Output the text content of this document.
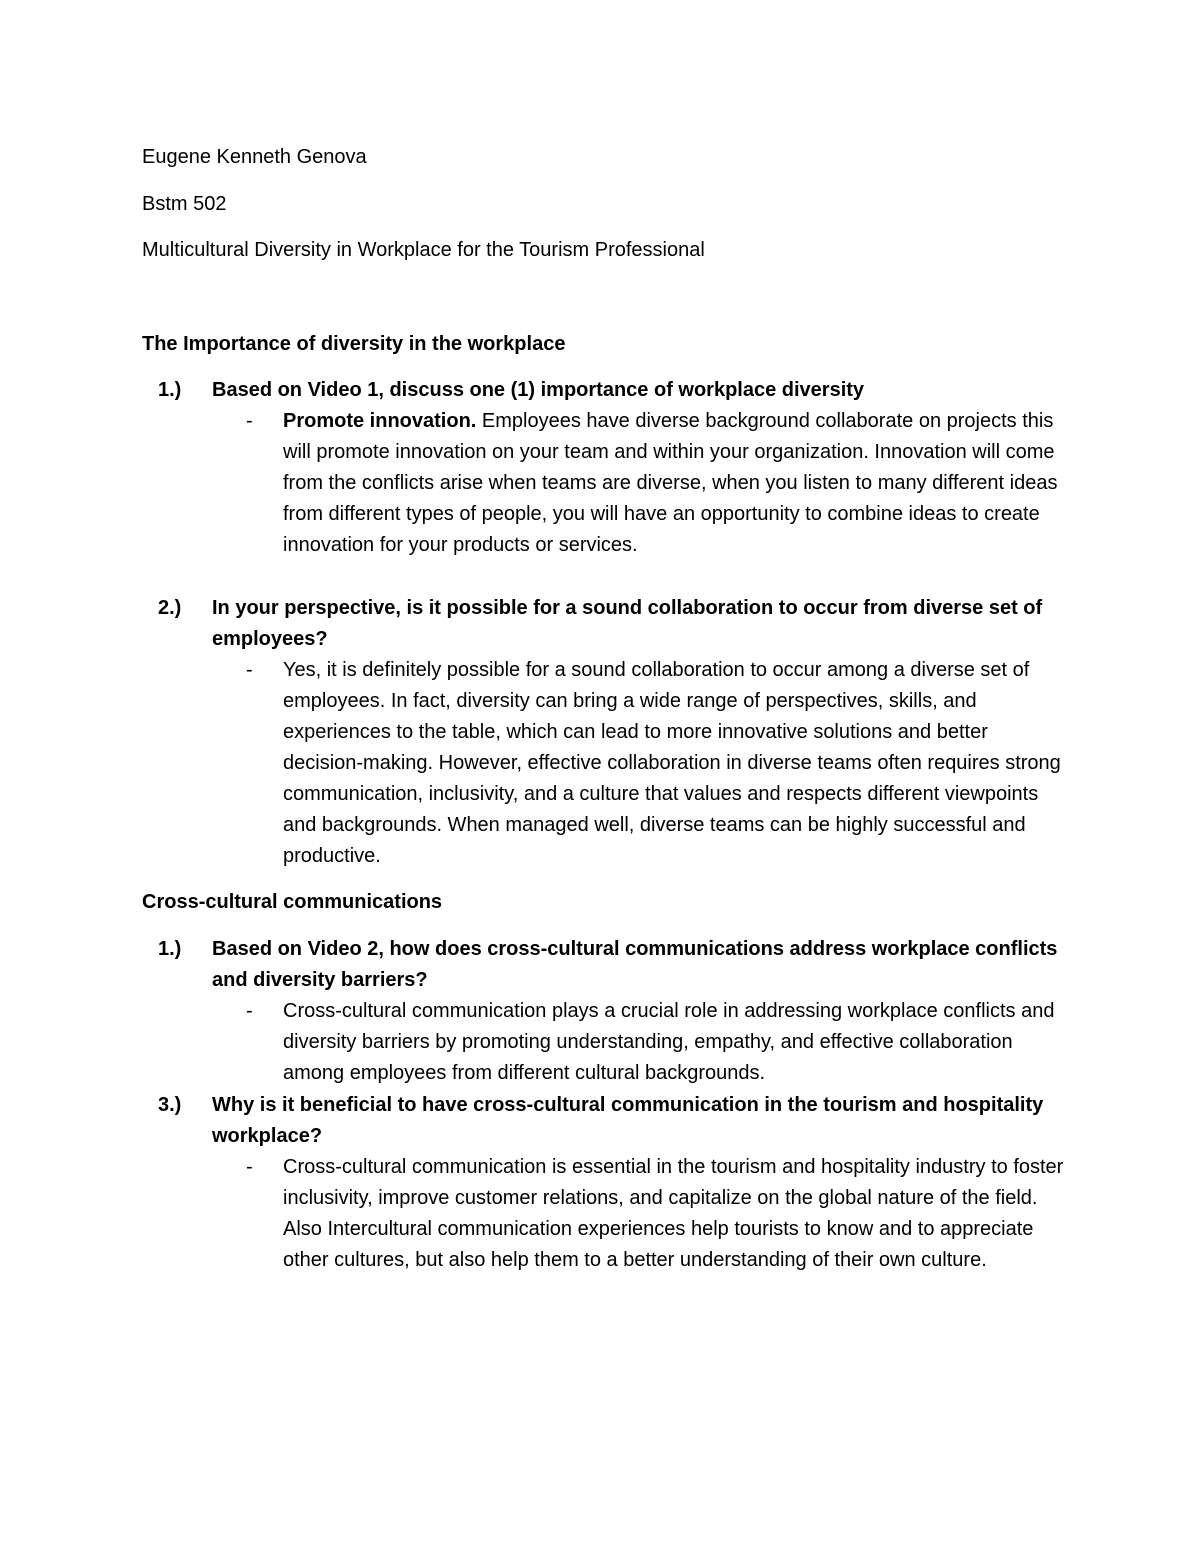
Eugene Kenneth Genova
Bstm 502
Multicultural Diversity in Workplace for the Tourism Professional
The Importance of diversity in the workplace
1.) Based on Video 1, discuss one (1) importance of workplace diversity
- Promote innovation. Employees have diverse background collaborate on projects this will promote innovation on your team and within your organization. Innovation will come from the conflicts arise when teams are diverse, when you listen to many different ideas from different types of people, you will have an opportunity to combine ideas to create innovation for your products or services.
2.) In your perspective, is it possible for a sound collaboration to occur from diverse set of employees?
- Yes, it is definitely possible for a sound collaboration to occur among a diverse set of employees. In fact, diversity can bring a wide range of perspectives, skills, and experiences to the table, which can lead to more innovative solutions and better decision-making. However, effective collaboration in diverse teams often requires strong communication, inclusivity, and a culture that values and respects different viewpoints and backgrounds. When managed well, diverse teams can be highly successful and productive.
Cross-cultural communications
1.) Based on Video 2, how does cross-cultural communications address workplace conflicts and diversity barriers?
- Cross-cultural communication plays a crucial role in addressing workplace conflicts and diversity barriers by promoting understanding, empathy, and effective collaboration among employees from different cultural backgrounds.
3.) Why is it beneficial to have cross-cultural communication in the tourism and hospitality workplace?
- Cross-cultural communication is essential in the tourism and hospitality industry to foster inclusivity, improve customer relations, and capitalize on the global nature of the field. Also Intercultural communication experiences help tourists to know and to appreciate other cultures, but also help them to a better understanding of their own culture.
